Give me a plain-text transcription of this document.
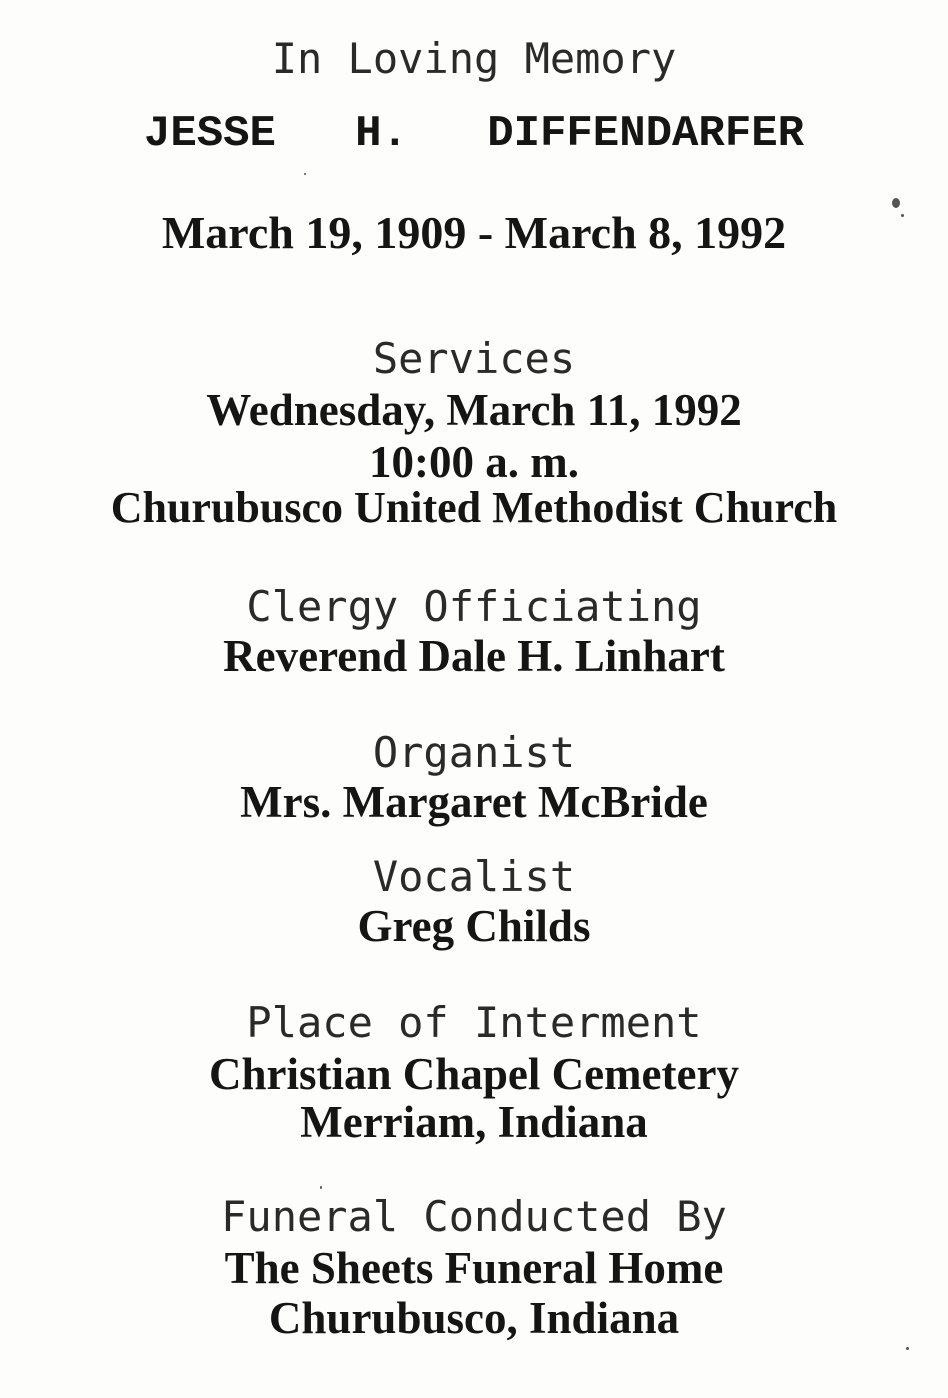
In Loving Memory
JESSE   H.   DIFFENDARFER
March 19, 1909 - March 8, 1992
Services
Wednesday, March 11, 1992
10:00 a. m.
Churubusco United Methodist Church
Clergy Officiating
Reverend Dale H. Linhart
Organist
Mrs. Margaret McBride
Vocalist
Greg Childs
Place of Interment
Christian Chapel Cemetery
Merriam, Indiana
Funeral Conducted By
The Sheets Funeral Home
Churubusco, Indiana
